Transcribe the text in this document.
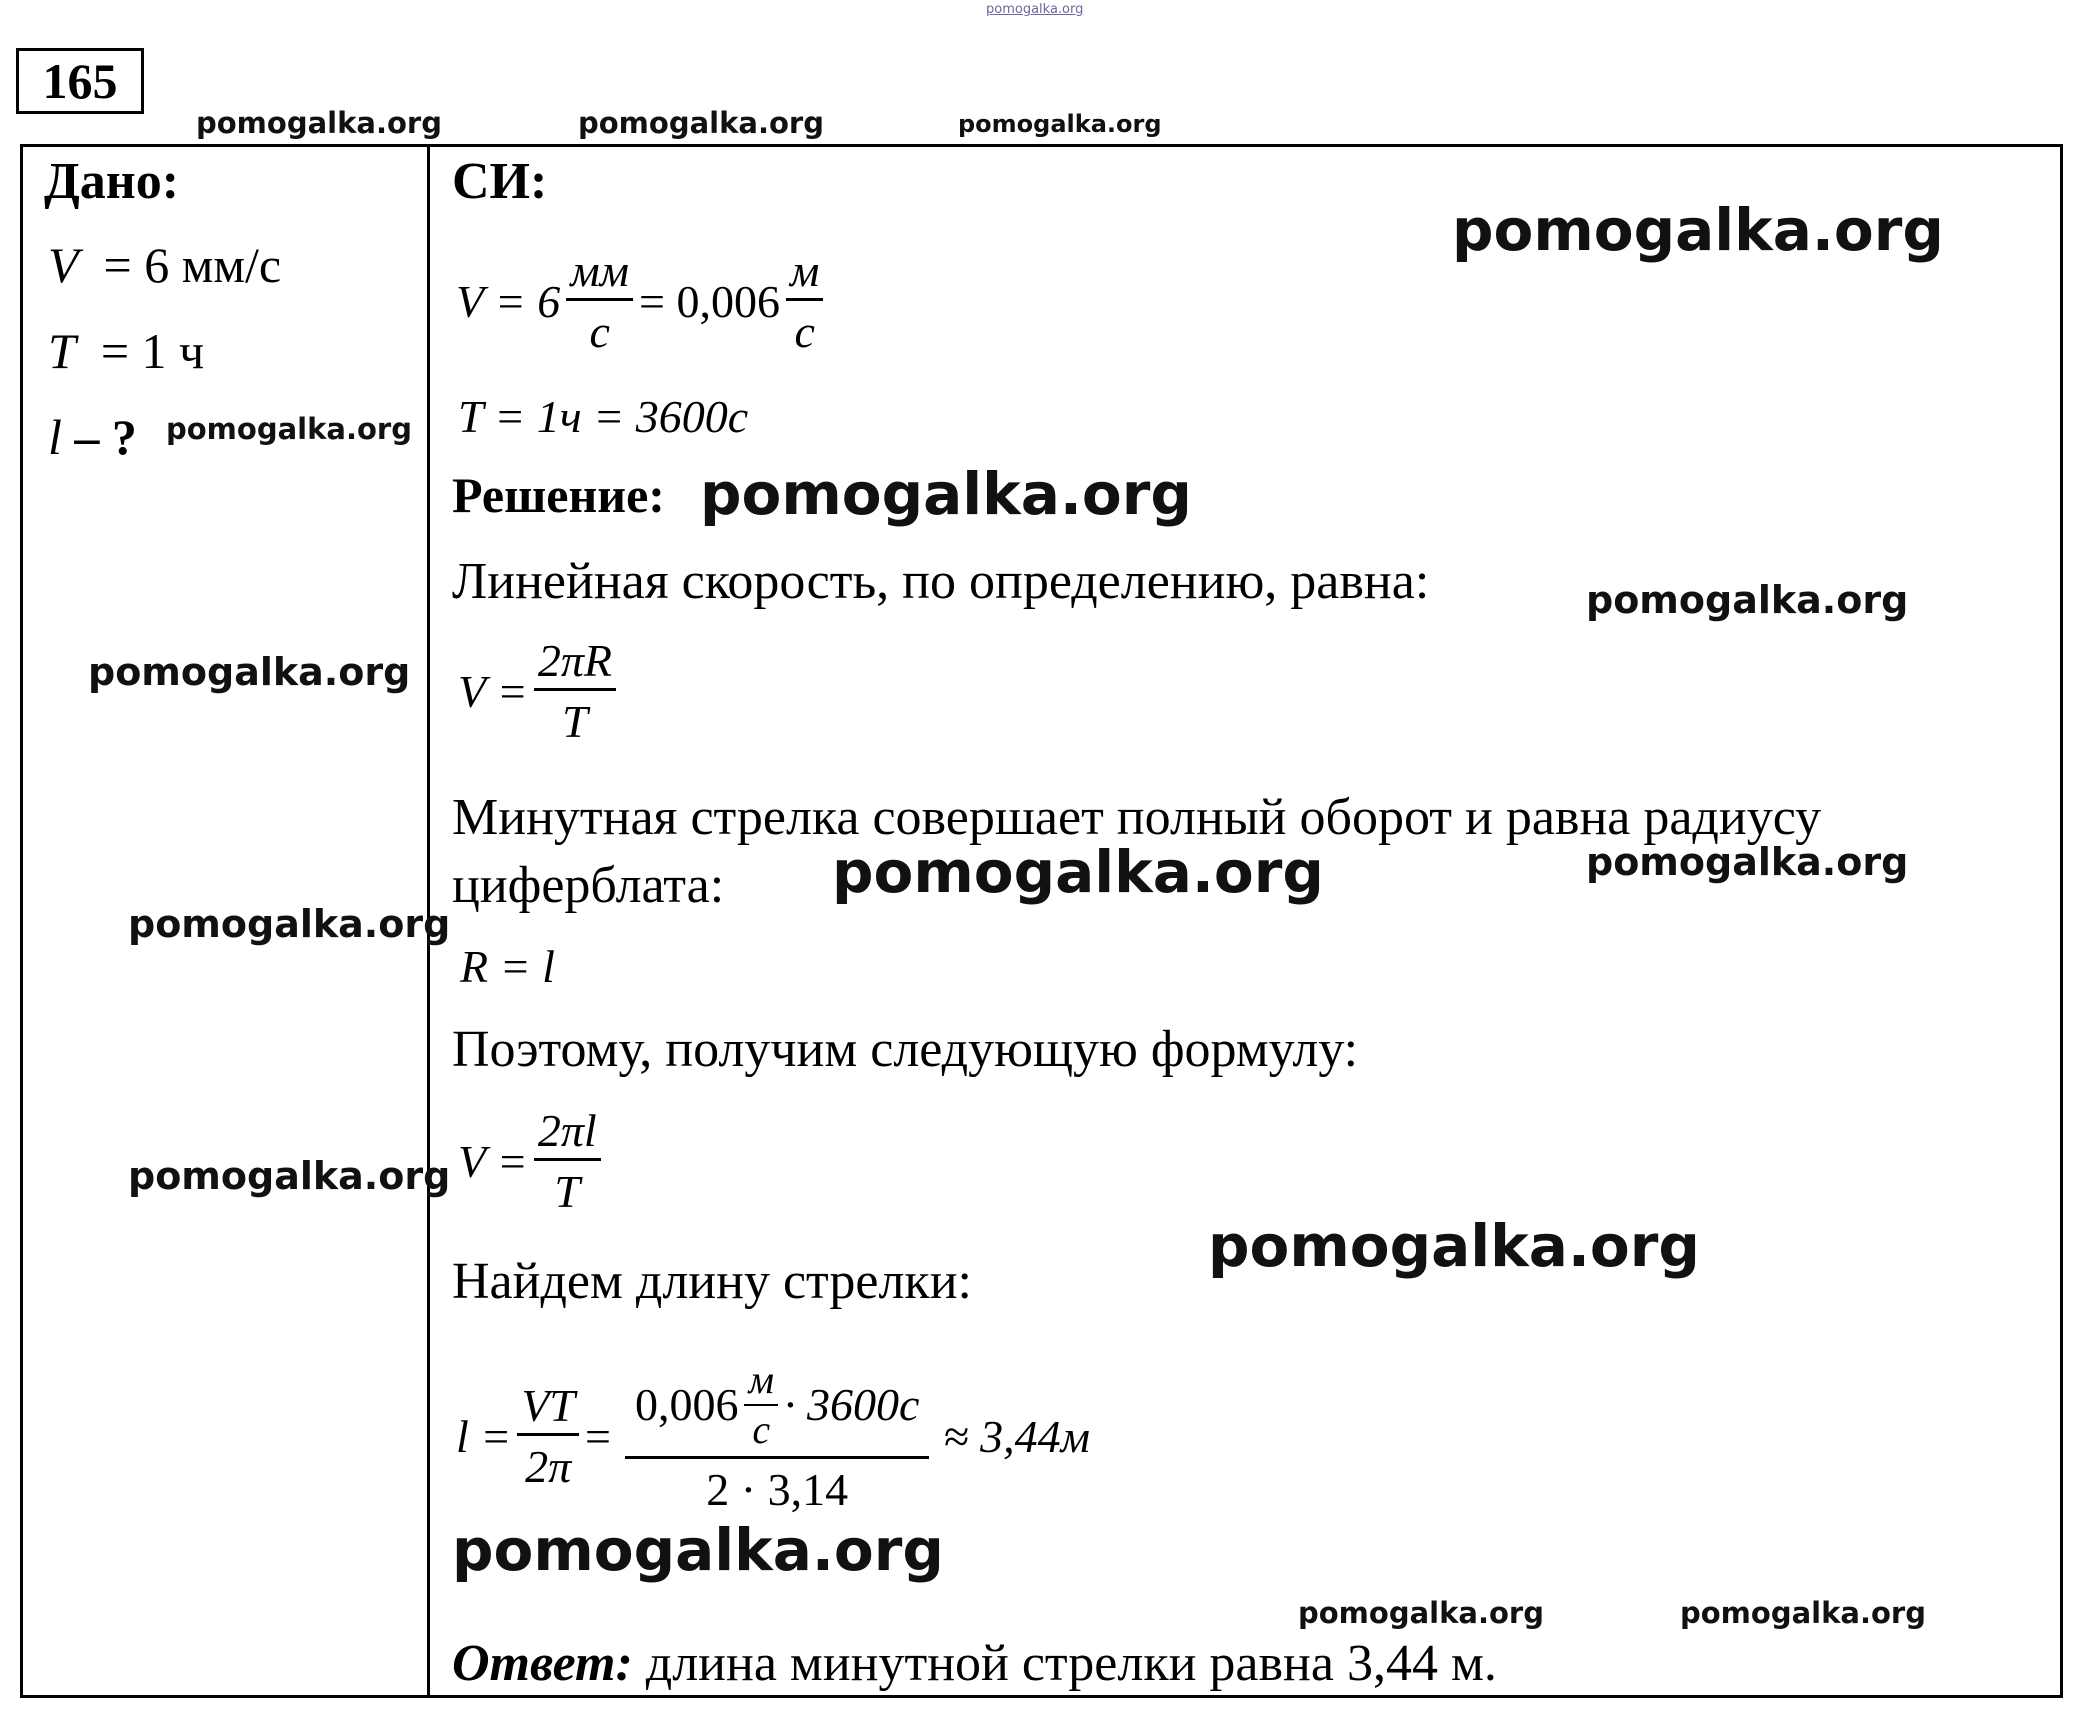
pomogalka.org
165
pomogalka.org	pomogalka.org	pomogalka.org
Дано:
V = 6 мм/с
T = 1 ч
l – ? pomogalka.org
pomogalka.org
pomogalka.org
pomogalka.org
СИ:
pomogalka.org
$V = 6 \frac{мм}{с} = 0,006 \frac{м}{с}$
T = 1ч = 3600с
Решение: pomogalka.org
Линейная скорость, по определению, равна:	pomogalka.org
$V = \frac{2\pi R}{T}$
Минутная стрелка совершает полный оборот и равна радиусу
циферблата: pomogalka.org	pomogalka.org
R = l
Поэтому, получим следующую формулу:
$V = \frac{2\pi l}{T}$
Найдем длину стрелки:
pomogalka.org
$l = \frac{VT}{2\pi} = \frac{0,006 \frac{м}{с} \cdot 3600с}{2 \cdot 3,14} \approx 3,44м$
pomogalka.org
pomogalka.org	pomogalka.org
Ответ: длина минутной стрелки равна 3,44 м.
